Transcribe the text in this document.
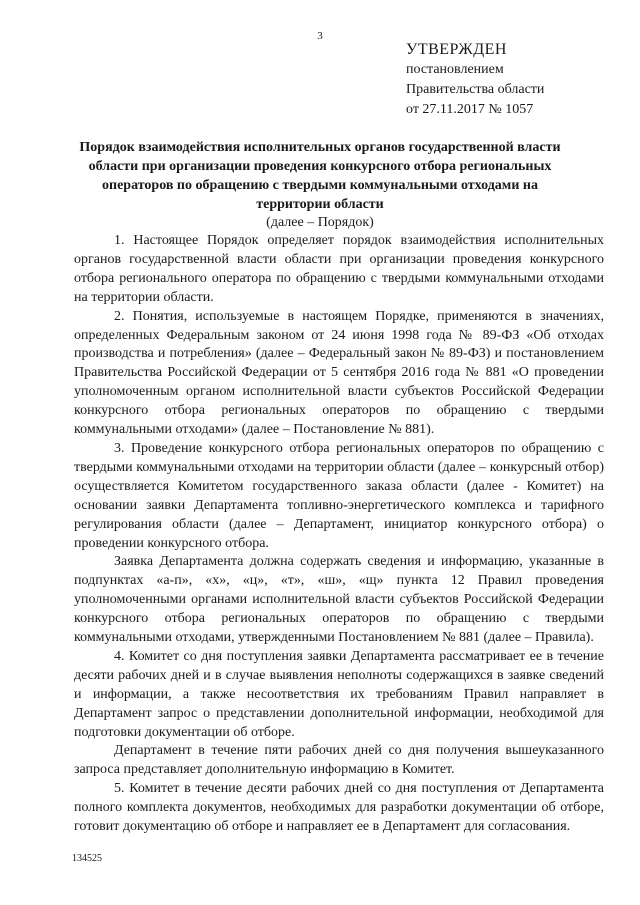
3
УТВЕРЖДЕН
постановлением
Правительства области
от 27.11.2017 № 1057
Порядок взаимодействия исполнительных органов государственной власти области при организации проведения конкурсного отбора региональных операторов по обращению с твердыми коммунальными отходами на территории области
(далее – Порядок)

1. Настоящее Порядок определяет порядок взаимодействия исполнительных органов государственной власти области при организации проведения конкурсного отбора регионального оператора по обращению с твердыми коммунальными отходами на территории области.

2. Понятия, используемые в настоящем Порядке, применяются в значениях, определенных Федеральным законом от 24 июня 1998 года № 89-ФЗ «Об отходах производства и потребления» (далее – Федеральный закон № 89-ФЗ) и постановлением Правительства Российской Федерации от 5 сентября 2016 года № 881 «О проведении уполномоченным органом исполнительной власти субъектов Российской Федерации конкурсного отбора региональных операторов по обращению с твердыми коммунальными отходами» (далее – Постановление № 881).

3. Проведение конкурсного отбора региональных операторов по обращению с твердыми коммунальными отходами на территории области (далее – конкурсный отбор) осуществляется Комитетом государственного заказа области (далее - Комитет) на основании заявки Департамента топливно-энергетического комплекса и тарифного регулирования области (далее – Департамент, инициатор конкурсного отбора) о проведении конкурсного отбора.

Заявка Департамента должна содержать сведения и информацию, указанные в подпунктах «а-п», «х», «ц», «т», «ш», «щ» пункта 12 Правил проведения уполномоченными органами исполнительной власти субъектов Российской Федерации конкурсного отбора региональных операторов по обращению с твердыми коммунальными отходами, утвержденными Постановлением № 881 (далее – Правила).

4. Комитет со дня поступления заявки Департамента рассматривает ее в течение десяти рабочих дней и в случае выявления неполноты содержащихся в заявке сведений и информации, а также несоответствия их требованиям Правил направляет в Департамент запрос о представлении дополнительной информации, необходимой для подготовки документации об отборе.

Департамент в течение пяти рабочих дней со дня получения вышеуказанного запроса представляет дополнительную информацию в Комитет.

5. Комитет в течение десяти рабочих дней со дня поступления от Департамента полного комплекта документов, необходимых для разработки документации об отборе, готовит документацию об отборе и направляет ее в Департамент для согласования.

134525
